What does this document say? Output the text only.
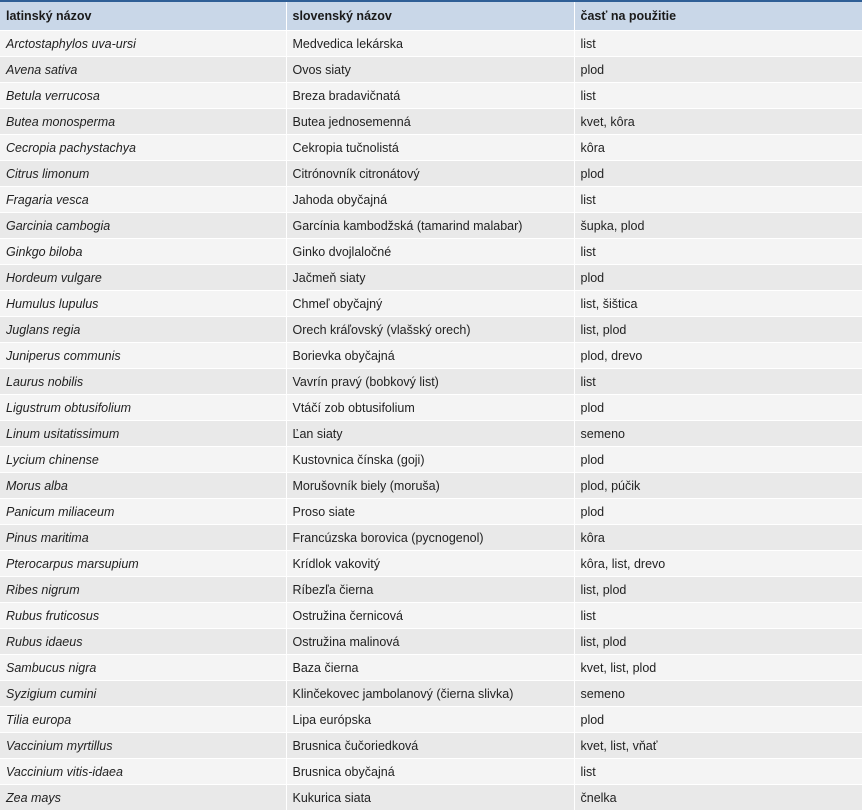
latinský názov	slovenský názov	časť na použitie
Arctostaphylos uva-ursi	Medvedica lekárska	list
Avena sativa	Ovos siaty	plod
Betula verrucosa	Breza bradavičnatá	list
Butea monosperma	Butea jednosemenná	kvet, kôra
Cecropia pachystachya	Cekropia tučnolistá	kôra
Citrus limonum	Citrónovník citronátový	plod
Fragaria vesca	Jahoda obyčajná	list
Garcinia cambogia	Garcínia kambodžská (tamarind malabar)	šupka, plod
Ginkgo biloba	Ginko dvojlaločné	list
Hordeum vulgare	Jačmeň siaty	plod
Humulus lupulus	Chmeľ obyčajný	list, šištica
Juglans regia	Orech kráľovský (vlašský orech)	list, plod
Juniperus communis	Borievka obyčajná	plod, drevo
Laurus nobilis	Vavrín pravý (bobkový list)	list
Ligustrum obtusifolium	Vtáčí zob obtusifolium	plod
Linum usitatissimum	Ľan siaty	semeno
Lycium chinense	Kustovnica čínska (goji)	plod
Morus alba	Morušovník biely (moruša)	plod, púčik
Panicum miliaceum	Proso siate	plod
Pinus maritima	Francúzska borovica (pycnogenol)	kôra
Pterocarpus marsupium	Krídlok vakovitý	kôra, list, drevo
Ribes nigrum	Ríbezľa čierna	list, plod
Rubus fruticosus	Ostružina černicová	list
Rubus idaeus	Ostružina malinová	list, plod
Sambucus nigra	Baza čierna	kvet, list, plod
Syzigium cumini	Klinčekovec jambolanový (čierna slivka)	semeno
Tilia europa	Lipa európska	plod
Vaccinium myrtillus	Brusnica čučoriedková	kvet, list, vňať
Vaccinium vitis-idaea	Brusnica obyčajná	list
Zea mays	Kukurica siata	čnelka
